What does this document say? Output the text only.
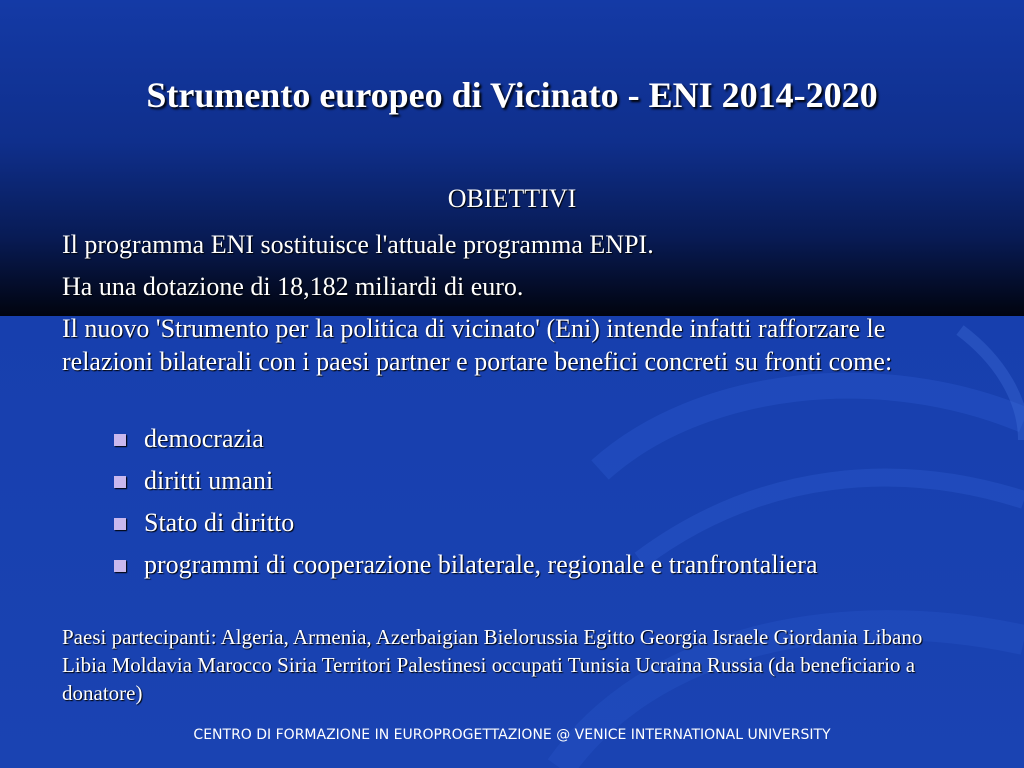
Strumento europeo di Vicinato - ENI 2014-2020
OBIETTIVI
Il programma ENI sostituisce l'attuale programma ENPI.
Ha una dotazione di 18,182 miliardi di euro.
Il nuovo 'Strumento per la politica di vicinato' (Eni) intende infatti rafforzare le relazioni bilaterali con i paesi partner e portare benefici concreti su fronti come:
democrazia
diritti umani
Stato di diritto
programmi di cooperazione bilaterale, regionale e tranfrontaliera
Paesi partecipanti: Algeria, Armenia, Azerbaigian Bielorussia Egitto Georgia Israele Giordania Libano Libia Moldavia Marocco Siria Territori Palestinesi occupati Tunisia Ucraina Russia (da beneficiario a donatore)
CENTRO DI FORMAZIONE IN EUROPROGETTAZIONE @ VENICE INTERNATIONAL UNIVERSITY
